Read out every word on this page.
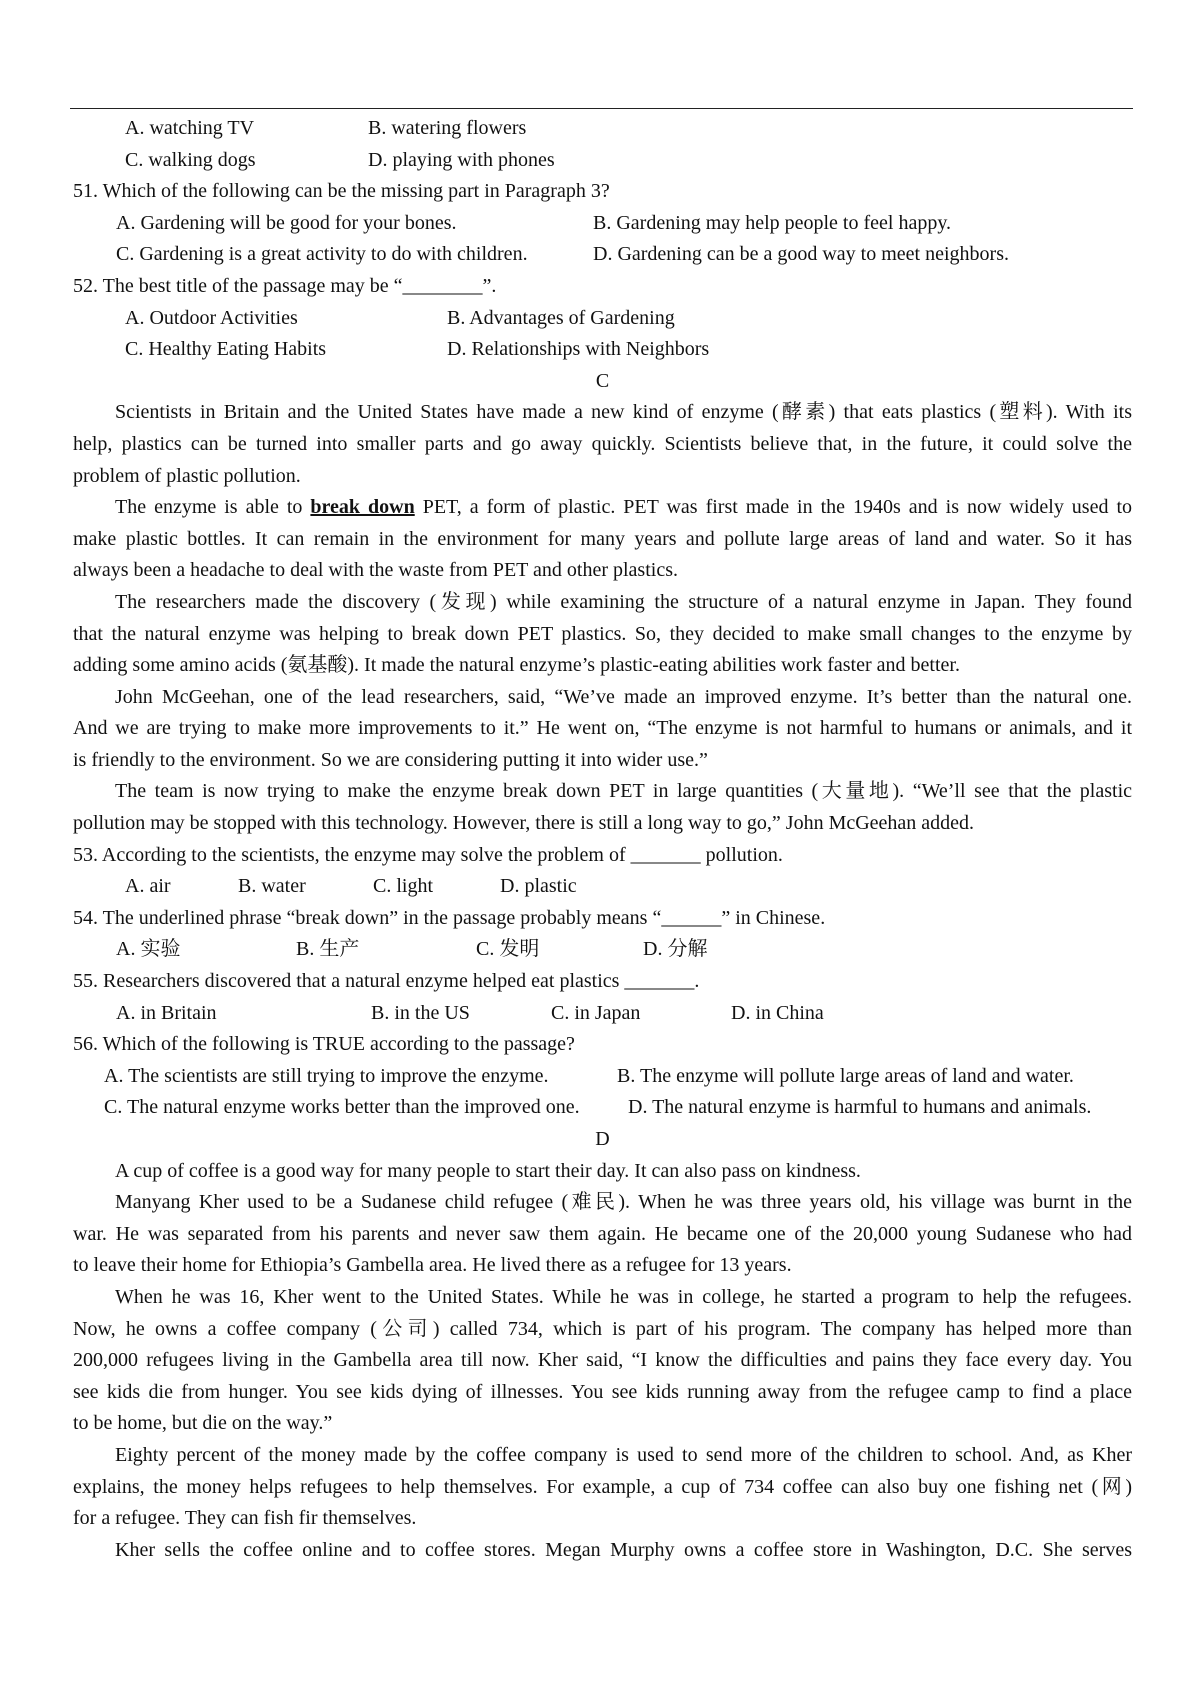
A. watching TV	B. watering flowers
C. walking dogs	D. playing with phones
51. Which of the following can be the missing part in Paragraph 3?
A. Gardening will be good for your bones.	B. Gardening may help people to feel happy.
C. Gardening is a great activity to do with children.	D. Gardening can be a good way to meet neighbors.
52. The best title of the passage may be “________”.
A. Outdoor Activities	B. Advantages of Gardening
C. Healthy Eating Habits	D. Relationships with Neighbors
C
Scientists in Britain and the United States have made a new kind of enzyme (酵素) that eats plastics (塑料). With its
help, plastics can be turned into smaller parts and go away quickly. Scientists believe that, in the future, it could solve the
problem of plastic pollution.
The enzyme is able to break down PET, a form of plastic. PET was first made in the 1940s and is now widely used to
make plastic bottles. It can remain in the environment for many years and pollute large areas of land and water. So it has
always been a headache to deal with the waste from PET and other plastics.
The researchers made the discovery (发现) while examining the structure of a natural enzyme in Japan. They found
that the natural enzyme was helping to break down PET plastics. So, they decided to make small changes to the enzyme by
adding some amino acids (氨基酸). It made the natural enzyme’s plastic-eating abilities work faster and better.
John McGeehan, one of the lead researchers, said, “We’ve made an improved enzyme. It’s better than the natural one.
And we are trying to make more improvements to it.” He went on, “The enzyme is not harmful to humans or animals, and it
is friendly to the environment. So we are considering putting it into wider use.”
The team is now trying to make the enzyme break down PET in large quantities (大量地). “We’ll see that the plastic
pollution may be stopped with this technology. However, there is still a long way to go,” John McGeehan added.
53. According to the scientists, the enzyme may solve the problem of _______ pollution.
A. air	B. water	C. light	D. plastic
54. The underlined phrase “break down” in the passage probably means “______” in Chinese.
A. 实验	B. 生产	C. 发明	D. 分解
55. Researchers discovered that a natural enzyme helped eat plastics _______.
A. in Britain	B. in the US	C. in Japan	D. in China
56. Which of the following is TRUE according to the passage?
A. The scientists are still trying to improve the enzyme.	B. The enzyme will pollute large areas of land and water.
C. The natural enzyme works better than the improved one. D. The natural enzyme is harmful to humans and animals.
D
A cup of coffee is a good way for many people to start their day. It can also pass on kindness.
Manyang Kher used to be a Sudanese child refugee (难民). When he was three years old, his village was burnt in the
war. He was separated from his parents and never saw them again. He became one of the 20,000 young Sudanese who had
to leave their home for Ethiopia’s Gambella area. He lived there as a refugee for 13 years.
When he was 16, Kher went to the United States. While he was in college, he started a program to help the refugees.
Now, he owns a coffee company (公司) called 734, which is part of his program. The company has helped more than
200,000 refugees living in the Gambella area till now. Kher said, “I know the difficulties and pains they face every day. You
see kids die from hunger. You see kids dying of illnesses. You see kids running away from the refugee camp to find a place
to be home, but die on the way.”
Eighty percent of the money made by the coffee company is used to send more of the children to school. And, as Kher
explains, the money helps refugees to help themselves. For example, a cup of 734 coffee can also buy one fishing net (网)
for a refugee. They can fish fir themselves.
Kher sells the coffee online and to coffee stores. Megan Murphy owns a coffee store in Washington, D.C. She serves
